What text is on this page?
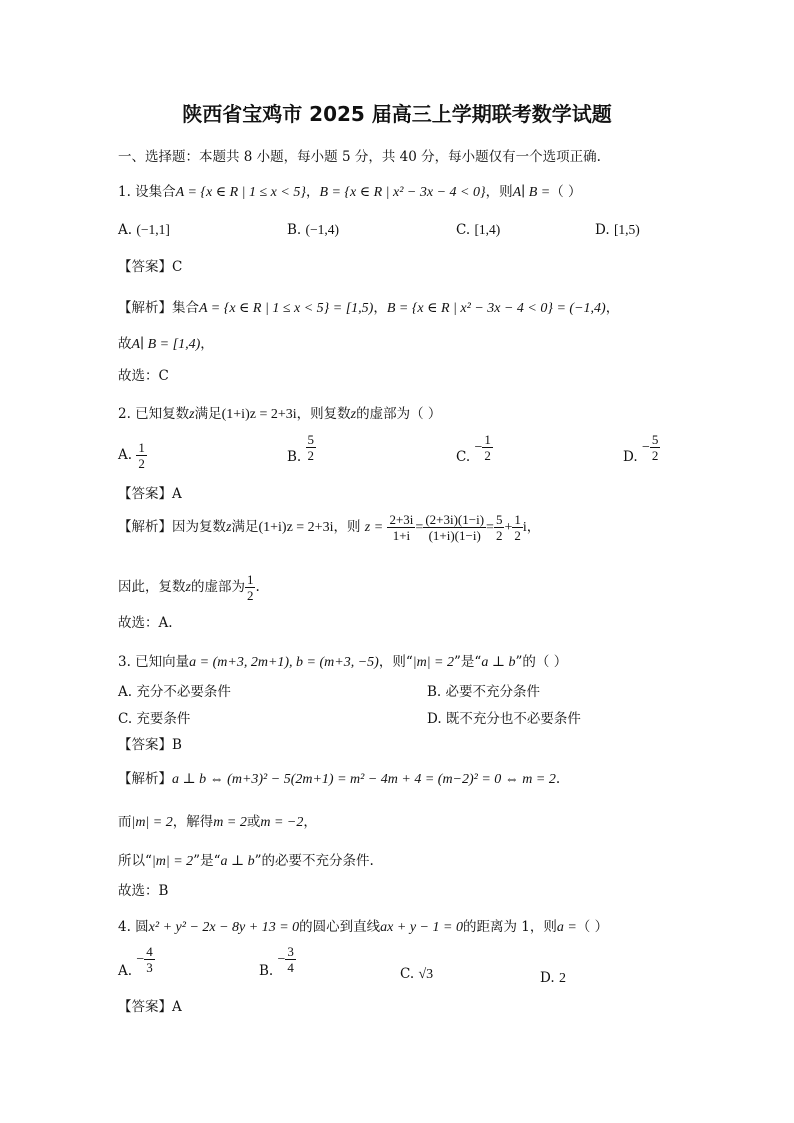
陕西省宝鸡市 2025 届高三上学期联考数学试题
一、选择题：本题共 8 小题，每小题 5 分，共 40 分，每小题仅有一个选项正确.
1. 设集合A = {x ∈ R | 1 ≤ x < 5}，B = {x ∈ R | x² − 3x − 4 < 0}，则A∣ B =（ ）
A. (−1,1]	B. (−1,4)	C. [1,4)	D. [1,5)
【答案】C
【解析】集合A = {x ∈ R | 1 ≤ x < 5} = [1,5)，B = {x ∈ R | x² − 3x − 4 < 0} = (−1,4)，
故A∣ B = [1,4)，
故选：C
2. 已知复数z满足(1+i)z = 2+3i，则复数z的虚部为（ ）
A. $\frac{1}{2}$	B. $\frac{5}{2}$	C. − $\frac{1}{2}$	D. − $\frac{5}{2}$
【答案】A
【解析】因为复数z满足(1+i)z = 2+3i，则 $z = \frac{2+3i}{1+i} = \frac{(2+3i)(1-i)}{(1+i)(1-i)} = \frac{5}{2} + \frac{1}{2}$ i，
因此，复数z的虚部为 $\frac{1}{2}$ .
故选：A.
3. 已知向量a = (m+3, 2m+1), b = (m+3, −5)，则“|m| = 2”是“a ⊥ b”的（ ）
A. 充分不必要条件	B. 必要不充分条件
C. 充要条件	D. 既不充分也不必要条件
【答案】B
【解析】a ⊥ b ⇔ (m+3)² − 5(2m+1) = m² − 4m + 4 = (m−2)² = 0 ⇔ m = 2.
而|m| = 2，解得m = 2或m = −2，
所以“|m| = 2”是“a ⊥ b”的必要不充分条件.
故选：B
4. 圆x² + y² − 2x − 8y + 13 = 0的圆心到直线ax + y − 1 = 0的距离为 1，则a =（ ）
A. − $\frac{4}{3}$	B. − $\frac{3}{4}$	C. √3	D. 2
【答案】A
